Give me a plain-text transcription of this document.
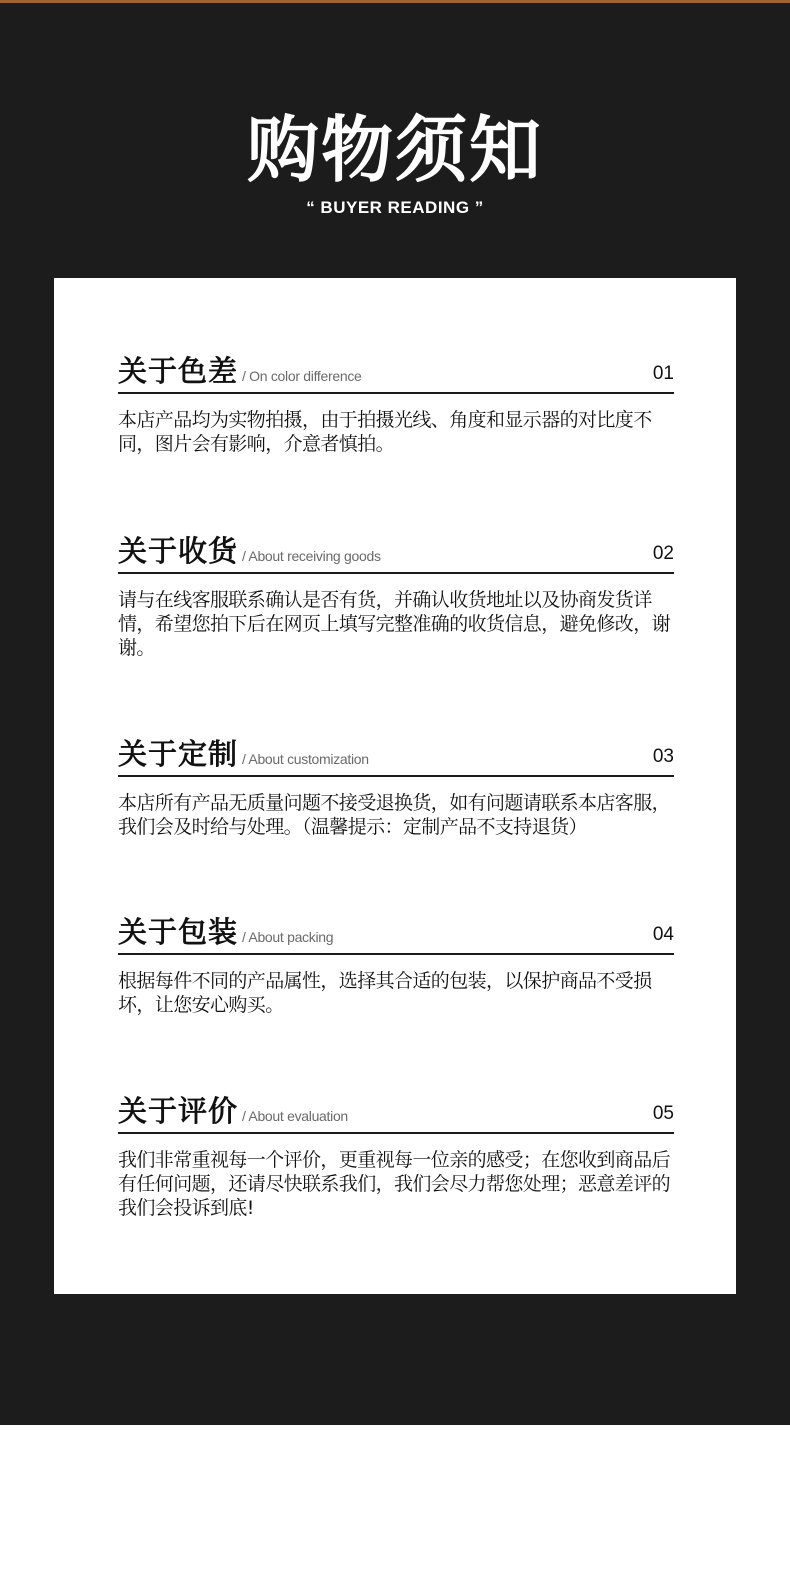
购物须知
“ BUYER READING ”
关于色差 / On color difference	01
本店产品均为实物拍摄，由于拍摄光线、角度和显示器的对比度不同，图片会有影响，介意者慎拍。
关于收货 / About receiving goods	02
请与在线客服联系确认是否有货，并确认收货地址以及协商发货详情，希望您拍下后在网页上填写完整准确的收货信息，避免修改，谢谢。
关于定制 / About customization	03
本店所有产品无质量问题不接受退换货，如有问题请联系本店客服，我们会及时给与处理。（温馨提示：定制产品不支持退货）
关于包装 / About packing	04
根据每件不同的产品属性，选择其合适的包装，以保护商品不受损坏，让您安心购买。
关于评价 / About evaluation	05
我们非常重视每一个评价，更重视每一位亲的感受；在您收到商品后有任何问题，还请尽快联系我们，我们会尽力帮您处理；恶意差评的我们会投诉到底!
